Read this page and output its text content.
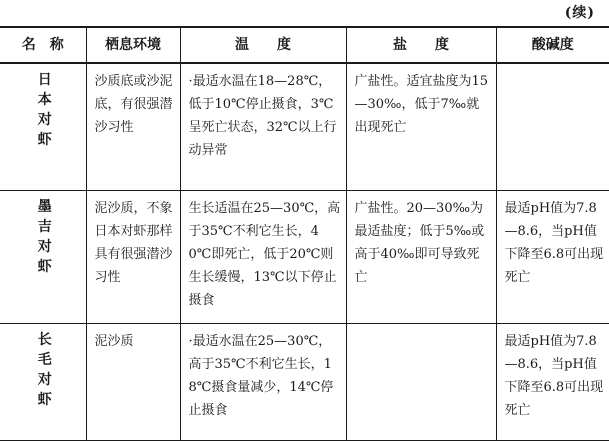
(续)
名　称	栖息环境	温　　度	盐　　度	酸碱度
日本对虾	沙质底或沙泥底，有很强潜沙习性	·最适水温在18—28℃，低于10℃停止摄食，3℃呈死亡状态，32℃以上行动异常	广盐性。适宜盐度为15—30‰，低于7‰就出现死亡	

墨吉对虾	泥沙质，不象日本对虾那样具有很强潜沙习性	生长适温在25—30℃，高于35℃不利它生长，40℃即死亡，低于20℃则生长缓慢，13℃以下停止摄食	广盐性。20—30‰为最适盐度；低于5‰或高于40‰即可导致死亡	最适pH值为7.8—8.6，当pH值下降至6.8可出现死亡

长毛对虾	泥沙质	·最适水温在25—30℃，高于35℃不利它生长，18℃摄食量减少，14℃停止摄食		最适pH值为7.8—8.6，当pH值下降至6.8可出现死亡
